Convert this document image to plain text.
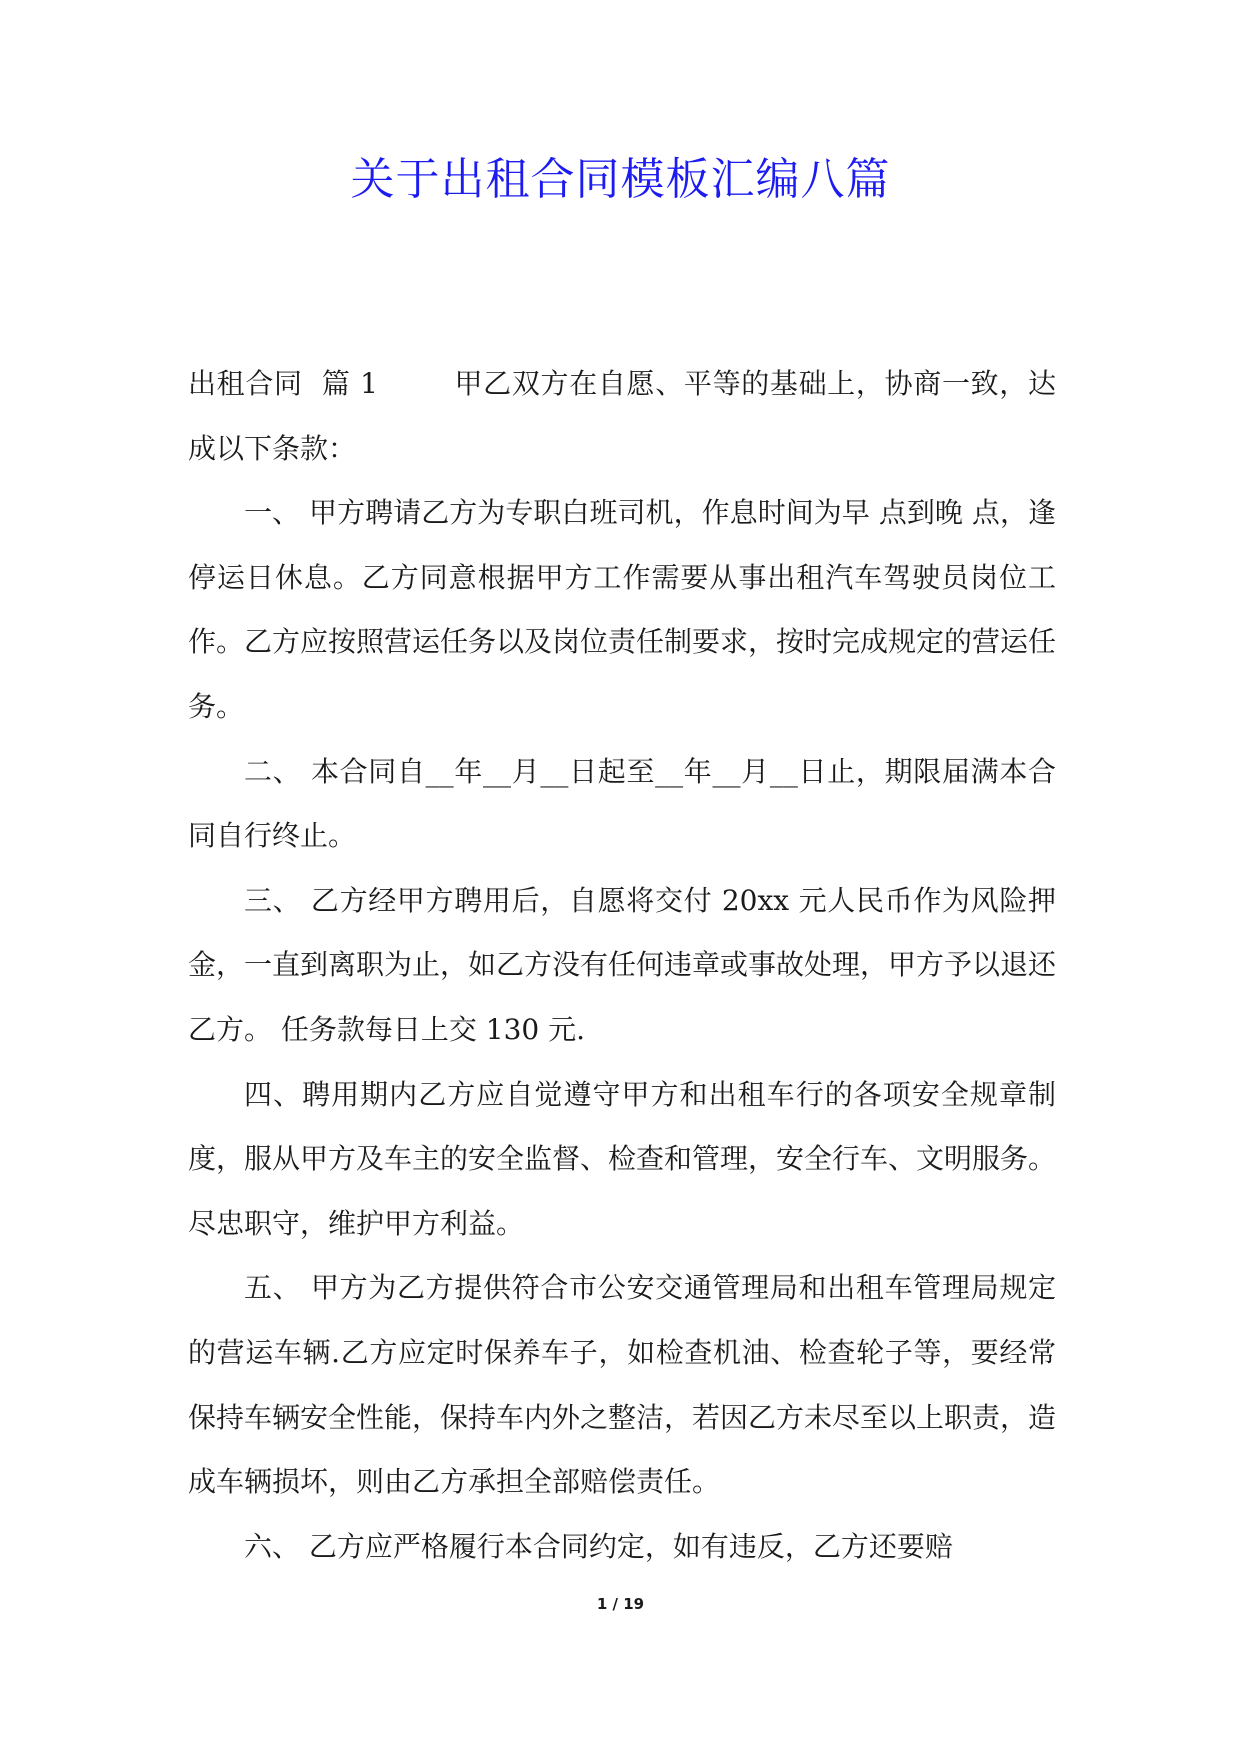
关于出租合同模板汇编八篇

出租合同  篇 1	甲乙双方在自愿、平等的基础上，协商一致，达成以下条款：

一、 甲方聘请乙方为专职白班司机，作息时间为早 点到晚 点，逢停运日休息。乙方同意根据甲方工作需要从事出租汽车驾驶员岗位工作。乙方应按照营运任务以及岗位责任制要求，按时完成规定的营运任务。

二、 本合同自__年__月__日起至__年__月__日止，期限届满本合同自行终止。

三、 乙方经甲方聘用后，自愿将交付 20xx 元人民币作为风险押金，一直到离职为止，如乙方没有任何违章或事故处理，甲方予以退还乙方。 任务款每日上交 130 元.

四、聘用期内乙方应自觉遵守甲方和出租车行的各项安全规章制度，服从甲方及车主的安全监督、检查和管理，安全行车、文明服务。尽忠职守，维护甲方利益。

五、 甲方为乙方提供符合市公安交通管理局和出租车管理局规定的营运车辆.乙方应定时保养车子，如检查机油、检查轮子等，要经常保持车辆安全性能，保持车内外之整洁，若因乙方未尽至以上职责，造成车辆损坏，则由乙方承担全部赔偿责任。

六、 乙方应严格履行本合同约定，如有违反，乙方还要赔

1 / 19
